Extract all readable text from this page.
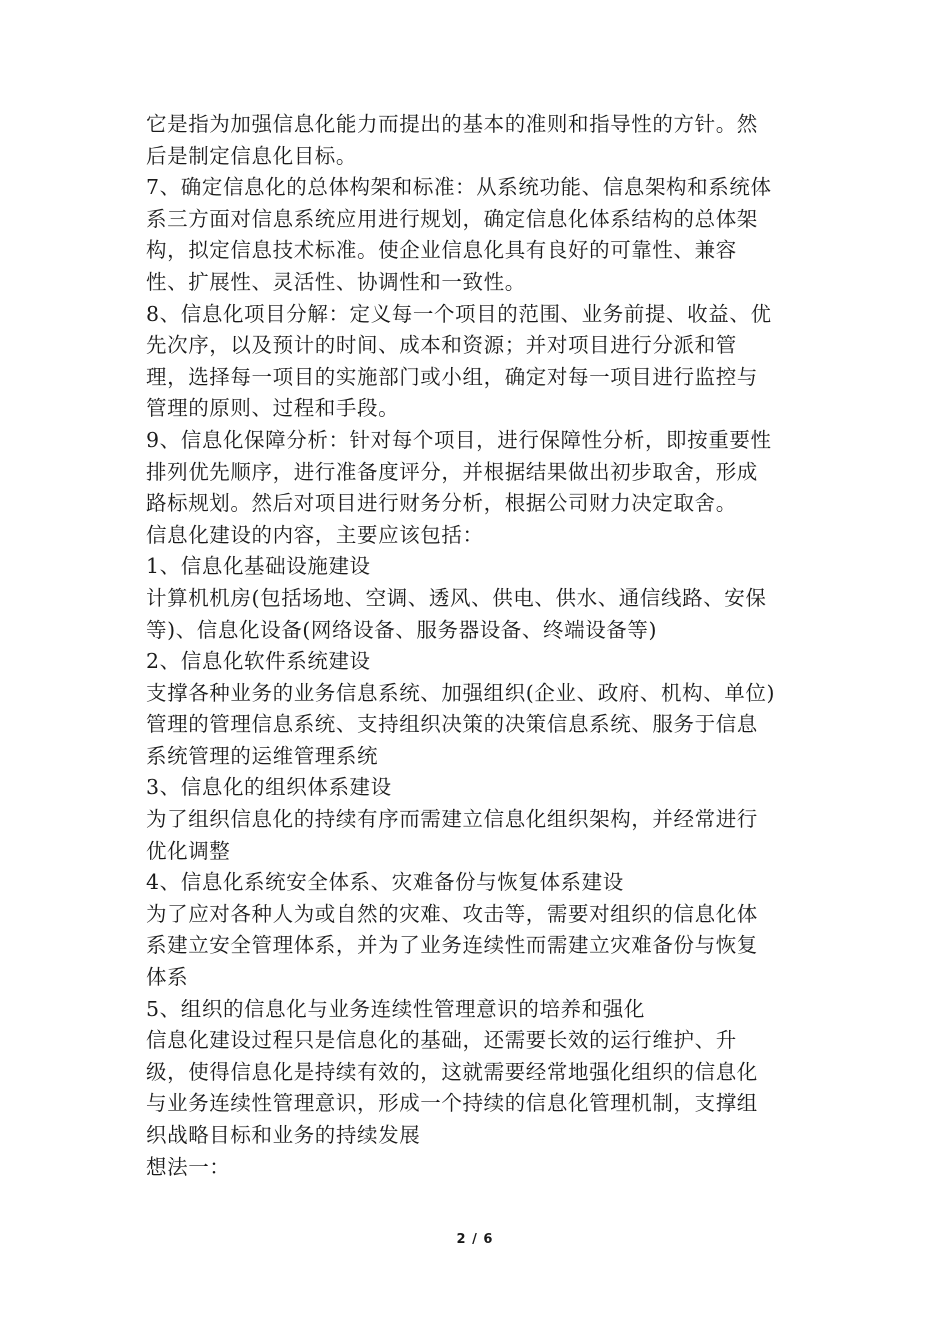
它是指为加强信息化能力而提出的基本的准则和指导性的方针。然
后是制定信息化目标。
7、确定信息化的总体构架和标准：从系统功能、信息架构和系统体
系三方面对信息系统应用进行规划，确定信息化体系结构的总体架
构，拟定信息技术标准。使企业信息化具有良好的可靠性、兼容
性、扩展性、灵活性、协调性和一致性。
8、信息化项目分解：定义每一个项目的范围、业务前提、收益、优
先次序，以及预计的时间、成本和资源；并对项目进行分派和管
理，选择每一项目的实施部门或小组，确定对每一项目进行监控与
管理的原则、过程和手段。
9、信息化保障分析：针对每个项目，进行保障性分析，即按重要性
排列优先顺序，进行准备度评分，并根据结果做出初步取舍，形成
路标规划。然后对项目进行财务分析，根据公司财力决定取舍。
信息化建设的内容，主要应该包括：
1、信息化基础设施建设
计算机机房(包括场地、空调、透风、供电、供水、通信线路、安保
等)、信息化设备(网络设备、服务器设备、终端设备等)
2、信息化软件系统建设
支撑各种业务的业务信息系统、加强组织(企业、政府、机构、单位)
管理的管理信息系统、支持组织决策的决策信息系统、服务于信息
系统管理的运维管理系统
3、信息化的组织体系建设
为了组织信息化的持续有序而需建立信息化组织架构，并经常进行
优化调整
4、信息化系统安全体系、灾难备份与恢复体系建设
为了应对各种人为或自然的灾难、攻击等，需要对组织的信息化体
系建立安全管理体系，并为了业务连续性而需建立灾难备份与恢复
体系
5、组织的信息化与业务连续性管理意识的培养和强化
信息化建设过程只是信息化的基础，还需要长效的运行维护、升
级，使得信息化是持续有效的，这就需要经常地强化组织的信息化
与业务连续性管理意识，形成一个持续的信息化管理机制，支撑组
织战略目标和业务的持续发展
想法一：
2 / 6
